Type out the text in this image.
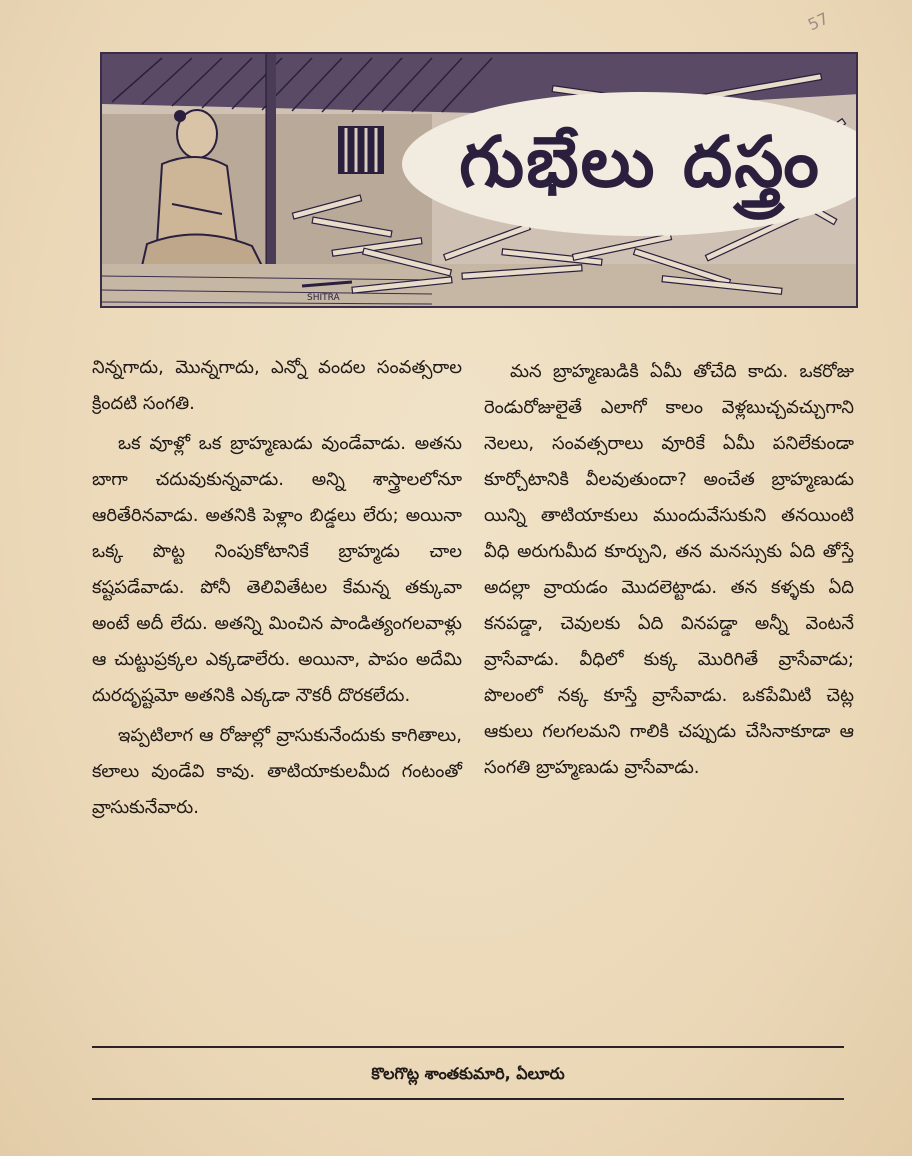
57
SHITRA
గుభేలు దస్త్రం

నిన్నగాదు, మొన్నగాదు, ఎన్నో వందల సంవత్సరాల క్రిందటి సంగతి.

ఒక వూళ్లో ఒక బ్రాహ్మణుడు వుండేవాడు. అతను బాగా చదువుకున్నవాడు. అన్ని శాస్త్రాలలోనూ ఆరితేరినవాడు. అతనికి పెళ్లాం బిడ్డలు లేరు; అయినా ఒక్క పొట్ట నింపుకోటానికే బ్రాహ్మడు చాల కష్టపడేవాడు. పోనీ తెలివితేటల కేమన్న తక్కువా అంటే అదీ లేదు. అతన్ని మించిన పాండిత్యంగలవాళ్లు ఆ చుట్టుప్రక్కల ఎక్కడాలేరు. అయినా, పాపం అదేమి దురదృష్టమో అతనికి ఎక్కడా నౌకరీ దొరకలేదు.

ఇప్పటిలాగ ఆ రోజుల్లో వ్రాసుకునేందుకు కాగితాలు, కలాలు వుండేవి కావు. తాటియాకులమీద గంటంతో వ్రాసుకునేవారు.

మన బ్రాహ్మణుడికి ఏమీ తోచేది కాదు. ఒకరోజు రెండురోజులైతే ఎలాగో కాలం వెళ్లబుచ్చవచ్చుగాని నెలలు, సంవత్సరాలు వూరికే ఏమీ పనిలేకుండా కూర్చోటానికి వీలవుతుందా? అంచేత బ్రాహ్మణుడు యిన్ని తాటియాకులు ముందువేసుకుని తనయింటి వీధి అరుగుమీద కూర్చుని, తన మనస్సుకు ఏది తోస్తే అదల్లా వ్రాయడం మొదలెట్టాడు. తన కళ్ళకు ఏది కనపడ్డా, చెవులకు ఏది వినపడ్డా అన్నీ వెంటనే వ్రాసేవాడు. వీధిలో కుక్క మొరిగితే వ్రాసేవాడు; పొలంలో నక్క కూస్తే వ్రాసేవాడు. ఒకపేమిటి చెట్ల ఆకులు గలగలమని గాలికి చప్పుడు చేసినాకూడా ఆ సంగతి బ్రాహ్మణుడు వ్రాసేవాడు.

కొలగొట్ల శాంతకుమారి, ఏలూరు
